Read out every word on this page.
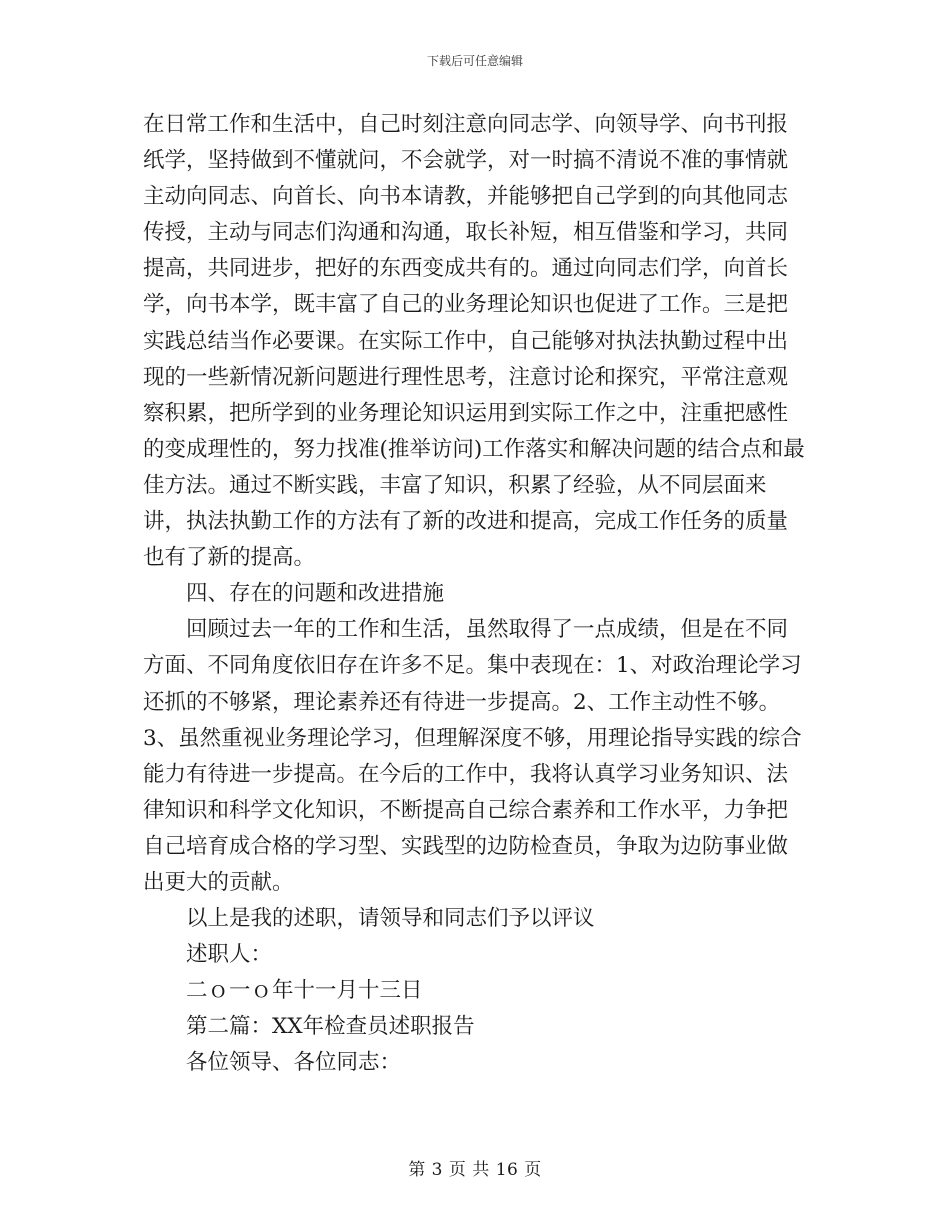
下载后可任意编辑

在日常工作和生活中，自己时刻注意向同志学、向领导学、向书刊报纸学，坚持做到不懂就问，不会就学，对一时搞不清说不准的事情就主动向同志、向首长、向书本请教，并能够把自己学到的向其他同志传授，主动与同志们沟通和沟通，取长补短，相互借鉴和学习，共同提高，共同进步，把好的东西变成共有的。通过向同志们学，向首长学，向书本学，既丰富了自己的业务理论知识也促进了工作。三是把实践总结当作必要课。在实际工作中，自己能够对执法执勤过程中出现的一些新情况新问题进行理性思考，注意讨论和探究，平常注意观察积累，把所学到的业务理论知识运用到实际工作之中，注重把感性的变成理性的，努力找准(推举访问)工作落实和解决问题的结合点和最佳方法。通过不断实践，丰富了知识，积累了经验，从不同层面来讲，执法执勤工作的方法有了新的改进和提高，完成工作任务的质量也有了新的提高。

四、存在的问题和改进措施

回顾过去一年的工作和生活，虽然取得了一点成绩，但是在不同方面、不同角度依旧存在许多不足。集中表现在：1、对政治理论学习还抓的不够紧，理论素养还有待进一步提高。2、工作主动性不够。3、虽然重视业务理论学习，但理解深度不够，用理论指导实践的综合能力有待进一步提高。在今后的工作中，我将认真学习业务知识、法律知识和科学文化知识，不断提高自己综合素养和工作水平，力争把自己培育成合格的学习型、实践型的边防检查员，争取为边防事业做出更大的贡献。

以上是我的述职，请领导和同志们予以评议

述职人：

二ｏ一ｏ年十一月十三日

第二篇：XX年检查员述职报告

各位领导、各位同志：

第 3 页 共 16 页
